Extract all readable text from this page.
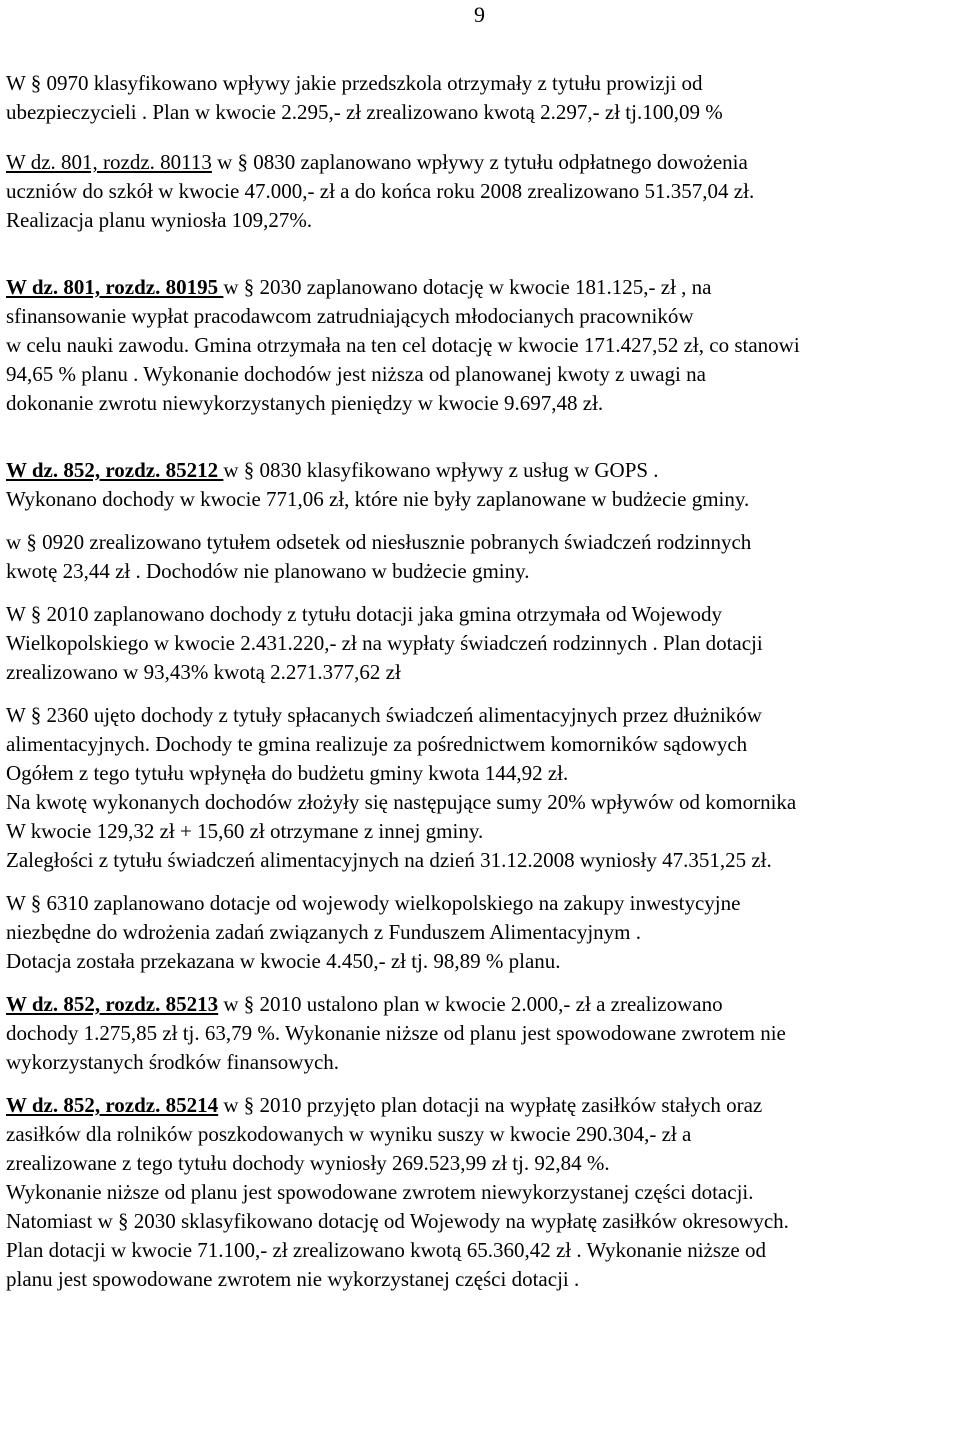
9
W § 0970 klasyfikowano wpływy jakie przedszkola otrzymały z tytułu prowizji od
ubezpieczycieli . Plan w kwocie 2.295,- zł zrealizowano kwotą 2.297,- zł tj.100,09 %
W dz. 801, rozdz. 80113 w § 0830 zaplanowano wpływy z tytułu odpłatnego dowożenia
uczniów do szkół w kwocie 47.000,- zł a do końca roku 2008 zrealizowano 51.357,04 zł.
Realizacja planu wyniosła 109,27%.
W dz. 801, rozdz. 80195 w § 2030 zaplanowano dotację w kwocie 181.125,- zł , na
sfinansowanie wypłat pracodawcom zatrudniających młodocianych pracowników
w celu nauki zawodu. Gmina otrzymała na ten cel dotację w kwocie 171.427,52 zł, co stanowi
94,65 % planu . Wykonanie dochodów jest niższa od planowanej kwoty z uwagi na
dokonanie zwrotu niewykorzystanych pieniędzy w kwocie 9.697,48 zł.
W dz. 852, rozdz. 85212 w § 0830 klasyfikowano wpływy z usług w GOPS .
Wykonano dochody w kwocie 771,06 zł, które nie były zaplanowane w budżecie gminy.
w § 0920 zrealizowano tytułem odsetek od niesłusznie pobranych świadczeń rodzinnych
kwotę 23,44 zł . Dochodów nie planowano w budżecie gminy.
W § 2010 zaplanowano dochody z tytułu dotacji jaka gmina otrzymała od Wojewody
Wielkopolskiego w kwocie 2.431.220,- zł na wypłaty świadczeń rodzinnych . Plan dotacji
zrealizowano w 93,43% kwotą 2.271.377,62 zł
W § 2360 ujęto dochody z tytuły spłacanych świadczeń alimentacyjnych przez dłużników
alimentacyjnych. Dochody te gmina realizuje za pośrednictwem komorników sądowych
Ogółem z tego tytułu wpłynęła do budżetu gminy kwota 144,92 zł.
Na kwotę wykonanych dochodów złożyły się następujące sumy 20% wpływów od komornika
W kwocie 129,32 zł + 15,60 zł otrzymane z innej gminy.
Zaległości z tytułu świadczeń alimentacyjnych na dzień 31.12.2008 wyniosły 47.351,25 zł.
W § 6310 zaplanowano dotacje od wojewody wielkopolskiego na zakupy inwestycyjne
niezbędne do wdrożenia zadań związanych z Funduszem Alimentacyjnym .
Dotacja została przekazana w kwocie 4.450,- zł tj. 98,89 % planu.
W dz. 852, rozdz. 85213 w § 2010 ustalono plan w kwocie 2.000,- zł a zrealizowano
dochody 1.275,85 zł tj. 63,79 %. Wykonanie niższe od planu jest spowodowane zwrotem nie
wykorzystanych środków finansowych.
W dz. 852, rozdz. 85214 w § 2010 przyjęto plan dotacji na wypłatę zasiłków stałych oraz
zasiłków dla rolników poszkodowanych w wyniku suszy w kwocie 290.304,- zł a
zrealizowane z tego tytułu dochody wyniosły 269.523,99 zł tj. 92,84 %.
Wykonanie niższe od planu jest spowodowane zwrotem niewykorzystanej części dotacji.
Natomiast w § 2030 sklasyfikowano dotację od Wojewody na wypłatę zasiłków okresowych.
Plan dotacji w kwocie 71.100,- zł zrealizowano kwotą 65.360,42 zł . Wykonanie niższe od
planu jest spowodowane zwrotem nie wykorzystanej części dotacji .
